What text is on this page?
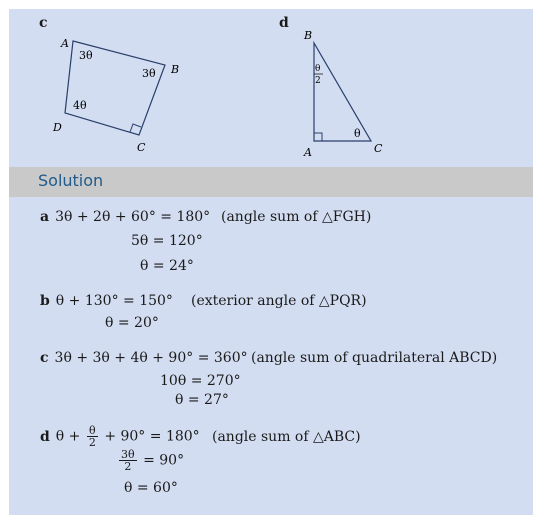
c
A
B
C
D
3θ
3θ
4θ
d
B
A	C
θ
2
θ
Solution
a 3θ + 2θ + 60° = 180° (angle sum of △FGH)
5θ = 120°
θ = 24°
b θ + 130° = 150° (exterior angle of △PQR)
θ = 20°
c 3θ + 3θ + 4θ + 90° = 360° (angle sum of quadrilateral ABCD)
10θ = 270°
θ = 27°
d $\theta + \frac{\theta}{2} + 90^\circ = 180^\circ$ (angle sum of △ABC)
$\frac{3\theta}{2} = 90^\circ$
θ = 60°
